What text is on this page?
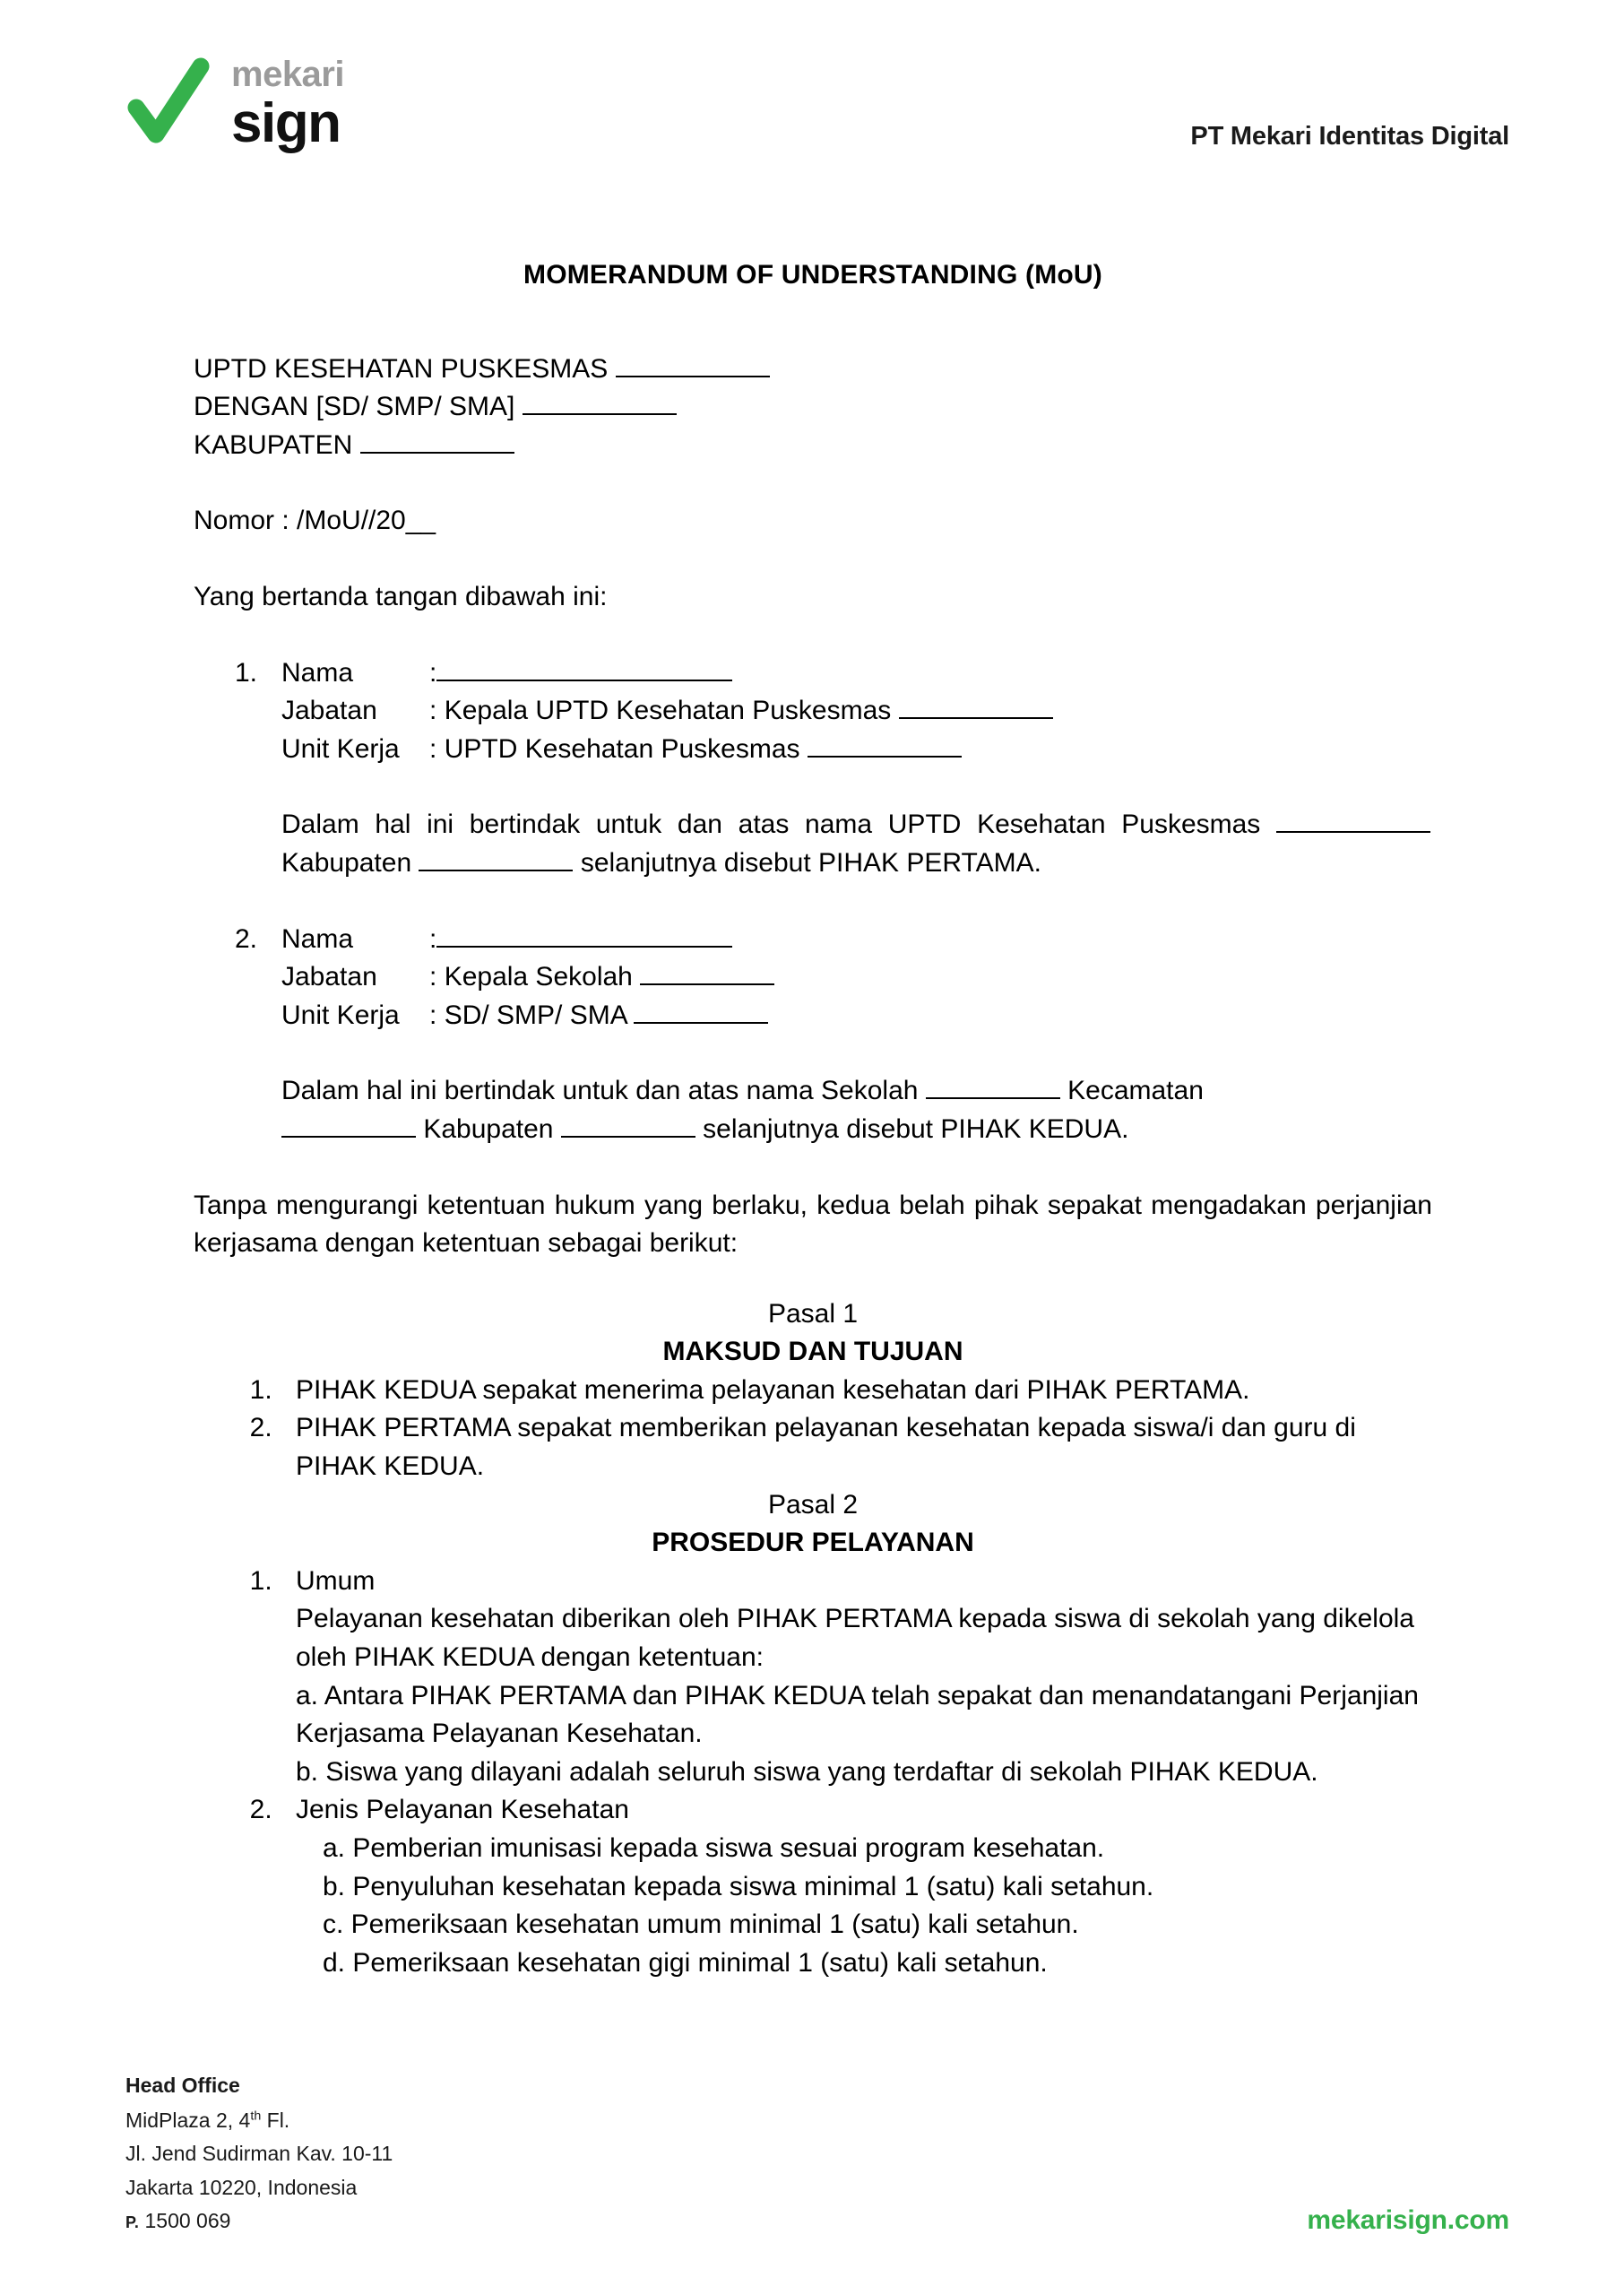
mekari
sign	PT Mekari Identitas Digital
MOMERANDUM OF UNDERSTANDING (MoU)
UPTD KESEHATAN PUSKESMAS
DENGAN [SD/ SMP/ SMA]
KABUPATEN
Nomor : /MoU//20__
Yang bertanda tangan dibawah ini:
1. Nama	:
Jabatan	: Kepala UPTD Kesehatan Puskesmas
Unit Kerja	: UPTD Kesehatan Puskesmas
Dalam hal ini bertindak untuk dan atas nama UPTD Kesehatan Puskesmas  Kabupaten	selanjutnya disebut PIHAK PERTAMA.
2. Nama	:
Jabatan	: Kepala Sekolah
Unit Kerja	: SD/ SMP/ SMA
Dalam hal ini bertindak untuk dan atas nama Sekolah	Kecamatan
Kabupaten	selanjutnya disebut PIHAK KEDUA.
Tanpa mengurangi ketentuan hukum yang berlaku, kedua belah pihak sepakat mengadakan perjanjian kerjasama dengan ketentuan sebagai berikut:
Pasal 1
MAKSUD DAN TUJUAN
1. PIHAK KEDUA sepakat menerima pelayanan kesehatan dari PIHAK PERTAMA.
2. PIHAK PERTAMA sepakat memberikan pelayanan kesehatan kepada siswa/i dan guru di PIHAK KEDUA.
Pasal 2
PROSEDUR PELAYANAN
1. Umum
Pelayanan kesehatan diberikan oleh PIHAK PERTAMA kepada siswa di sekolah yang dikelola oleh PIHAK KEDUA dengan ketentuan:
a. Antara PIHAK PERTAMA dan PIHAK KEDUA telah sepakat dan menandatangani Perjanjian Kerjasama Pelayanan Kesehatan.
b. Siswa yang dilayani adalah seluruh siswa yang terdaftar di sekolah PIHAK KEDUA.
2. Jenis Pelayanan Kesehatan
a. Pemberian imunisasi kepada siswa sesuai program kesehatan.
b. Penyuluhan kesehatan kepada siswa minimal 1 (satu) kali setahun.
c. Pemeriksaan kesehatan umum minimal 1 (satu) kali setahun.
d. Pemeriksaan kesehatan gigi minimal 1 (satu) kali setahun.
Head Office
MidPlaza 2, 4th Fl.
Jl. Jend Sudirman Kav. 10-11
Jakarta 10220, Indonesia
P. 1500 069	mekarisign.com
